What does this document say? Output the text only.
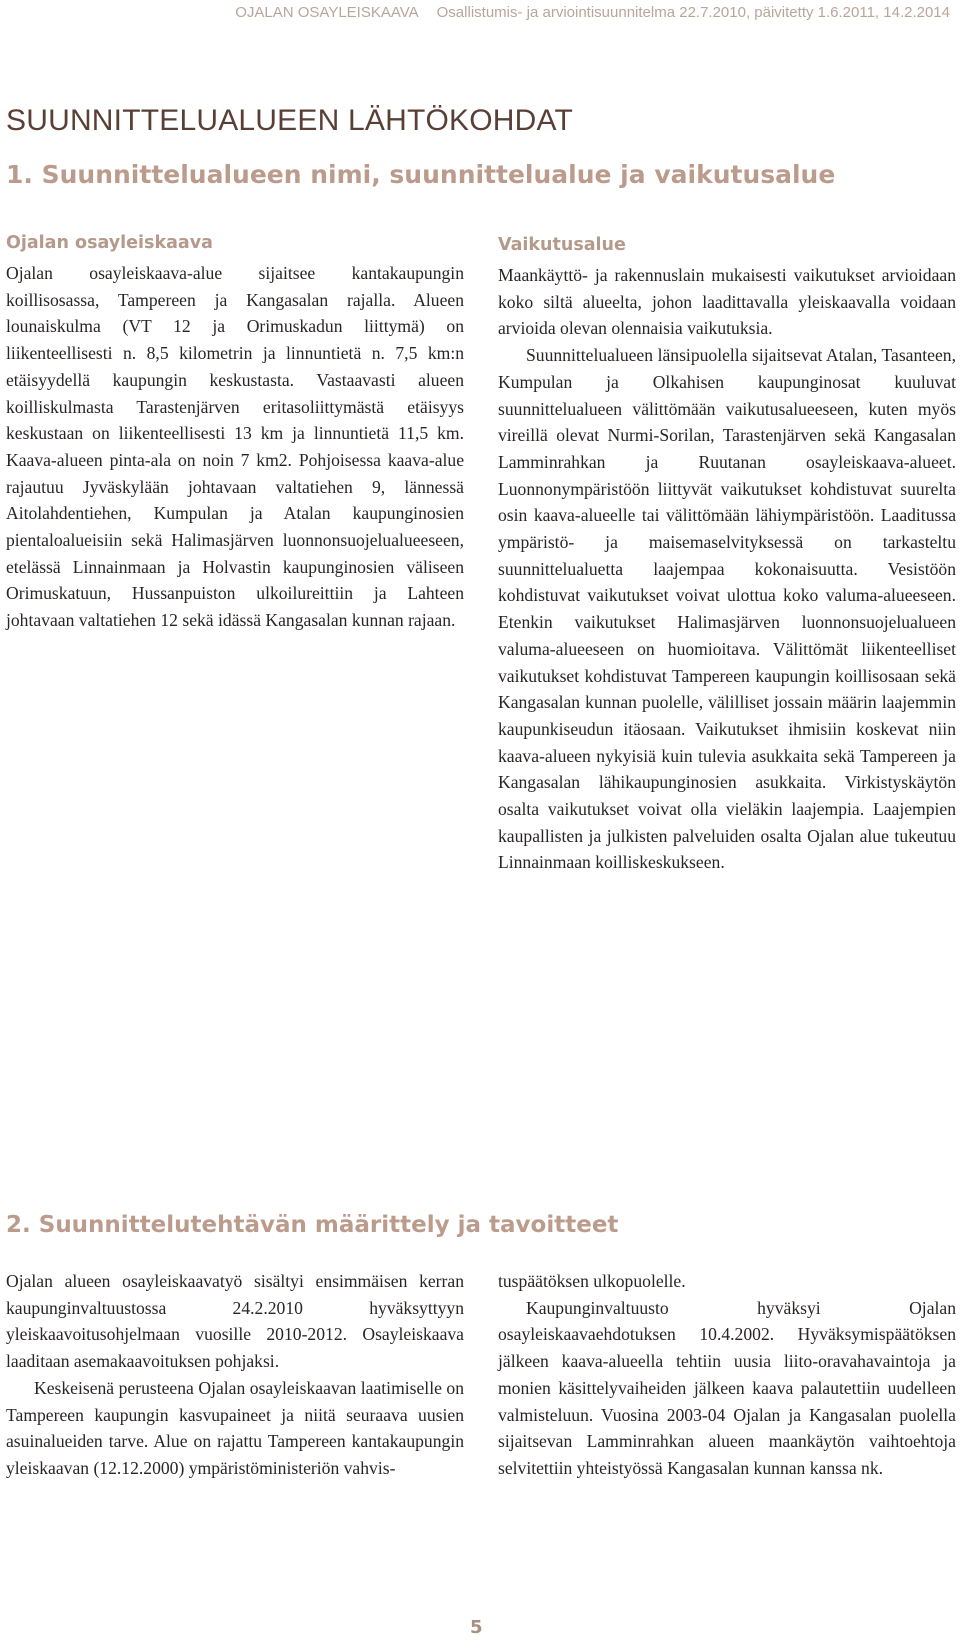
OJALAN OSAYLEISKAAVA Osallistumis- ja arviointisuunnitelma 22.7.2010, päivitetty 1.6.2011, 14.2.2014
SUUNNITTELUALUEEN LÄHTÖKOHDAT
1. Suunnittelualueen nimi, suunnittelualue ja vaikutusalue
Ojalan osayleiskaava

Ojalan osayleiskaava-alue sijaitsee kantakaupungin koillisosassa, Tampereen ja Kangasalan rajalla. Alueen lounaiskulma (VT 12 ja Orimuskadun liittymä) on liikenteellisesti n. 8,5 kilometrin ja linnuntietä n. 7,5 km:n etäisyydellä kaupungin keskustasta. Vastaavasti alueen koilliskulmasta Tarastenjärven eritasoliittymästä etäisyys keskustaan on liikenteellisesti 13 km ja linnuntietä 11,5 km. Kaava-alueen pinta-ala on noin 7 km2. Pohjoisessa kaava-alue rajautuu Jyväskylään johtavaan valtatiehen 9, lännessä Aitolahdentiehen, Kumpulan ja Atalan kaupunginosien pientaloalueisiin sekä Halimasjärven luonnonsuojelualueeseen, etelässä Linnainmaan ja Holvastin kaupunginosien väliseen Orimuskatuun, Hussanpuiston ulkoilureittiin ja Lahteen johtavaan valtatiehen 12 sekä idässä Kangasalan kunnan rajaan.

Vaikutusalue

Maankäyttö- ja rakennuslain mukaisesti vaikutukset arvioidaan koko siltä alueelta, johon laadittavalla yleiskaavalla voidaan arvioida olevan olennaisia vaikutuksia.

Suunnittelualueen länsipuolella sijaitsevat Atalan, Tasanteen, Kumpulan ja Olkahisen kaupunginosat kuuluvat suunnittelualueen välittömään vaikutusalueeseen, kuten myös vireillä olevat Nurmi-Sorilan, Tarastenjärven sekä Kangasalan Lamminrahkan ja Ruutanan osayleiskaava-alueet. Luonnonympäristöön liittyvät vaikutukset kohdistuvat suurelta osin kaava-alueelle tai välittömään lähiympäristöön. Laaditussa ympäristö- ja maisemaselvityksessä on tarkasteltu suunnittelualuetta laajempaa kokonaisuutta. Vesistöön kohdistuvat vaikutukset voivat ulottua koko valuma-alueeseen. Etenkin vaikutukset Halimasjärven luonnonsuojelualueen valuma-alueeseen on huomioitava. Välittömät liikenteelliset vaikutukset kohdistuvat Tampereen kaupungin koillisosaan sekä Kangasalan kunnan puolelle, välilliset jossain määrin laajemmin kaupunkiseudun itäosaan. Vaikutukset ihmisiin koskevat niin kaava-alueen nykyisiä kuin tulevia asukkaita sekä Tampereen ja Kangasalan lähikaupunginosien asukkaita. Virkistyskäytön osalta vaikutukset voivat olla vieläkin laajempia. Laajempien kaupallisten ja julkisten palveluiden osalta Ojalan alue tukeutuu Linnainmaan koilliskeskukseen.

2. Suunnittelutehtävän määrittely ja tavoitteet

Ojalan alueen osayleiskaavatyö sisältyi ensimmäisen kerran kaupunginvaltuustossa 24.2.2010 hyväksyttyyn yleiskaavoitusohjelmaan vuosille 2010-2012. Osayleiskaava laaditaan asemakaavoituksen pohjaksi.

Keskeisenä perusteena Ojalan osayleiskaavan laatimiselle on Tampereen kaupungin kasvupaineet ja niitä seuraava uusien asuinalueiden tarve. Alue on rajattu Tampereen kantakaupungin yleiskaavan (12.12.2000) ympäristöministeriön vahvis-

tuspäätöksen ulkopuolelle.

Kaupunginvaltuusto hyväksyi Ojalan osayleiskaavaehdotuksen 10.4.2002. Hyväksymispäätöksen jälkeen kaava-alueella tehtiin uusia liito-oravahavaintoja ja monien käsittelyvaiheiden jälkeen kaava palautettiin uudelleen valmisteluun. Vuosina 2003-04 Ojalan ja Kangasalan puolella sijaitsevan Lamminrahkan alueen maankäytön vaihtoehtoja selvitettiin yhteistyössä Kangasalan kunnan kanssa nk.

5
